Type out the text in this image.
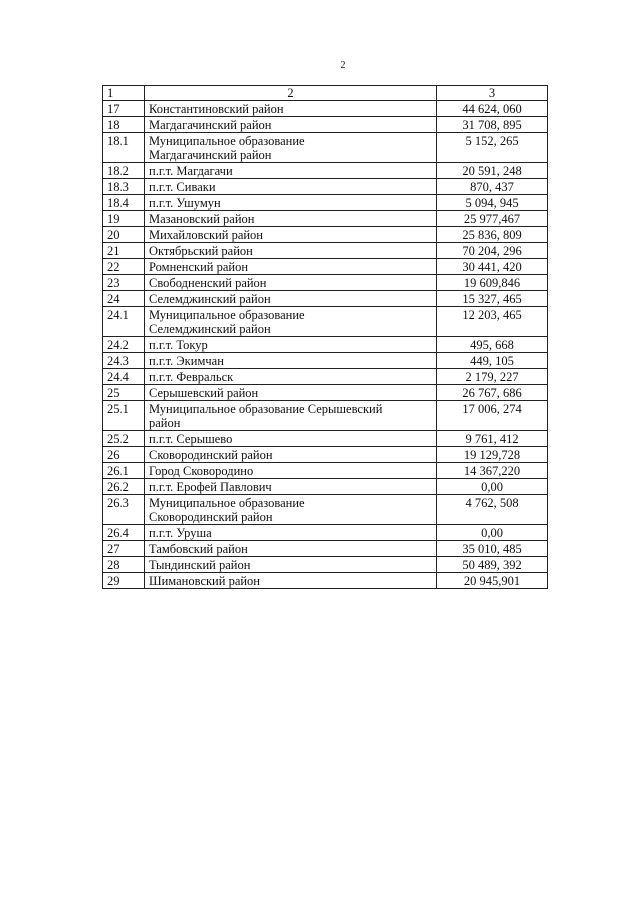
2
1	2	3
17	Константиновский район	44 624, 060
18	Магдагачинский район	31 708, 895
18.1	Муниципальное образование
Магдагачинский район	5 152, 265
18.2	п.г.т. Магдагачи	20 591, 248
18.3	п.г.т. Сиваки	870, 437
18.4	п.г.т. Ушумун	5 094, 945
19	Мазановский район	25 977,467
20	Михайловский район	25 836, 809
21	Октябрьский район	70 204, 296
22	Ромненский район	30 441, 420
23	Свободненский район	19 609,846
24	Селемджинский район	15 327, 465
24.1	Муниципальное образование
Селемджинский район	12 203, 465
24.2	п.г.т. Токур	495, 668
24.3	п.г.т. Экимчан	449, 105
24.4	п.г.т. Февральск	2 179, 227
25	Серышевский район	26 767, 686
25.1	Муниципальное образование Серышевский
район	17 006, 274
25.2	п.г.т. Серышево	9 761, 412
26	Сковородинский район	19 129,728
26.1	Город Сковородино	14 367,220
26.2	п.г.т. Ерофей Павлович	0,00
26.3	Муниципальное образование
Сковородинский район	4 762, 508
26.4	п.г.т. Уруша	0,00
27	Тамбовский район	35 010, 485
28	Тындинский район	50 489, 392
29	Шимановский район	20 945,901
